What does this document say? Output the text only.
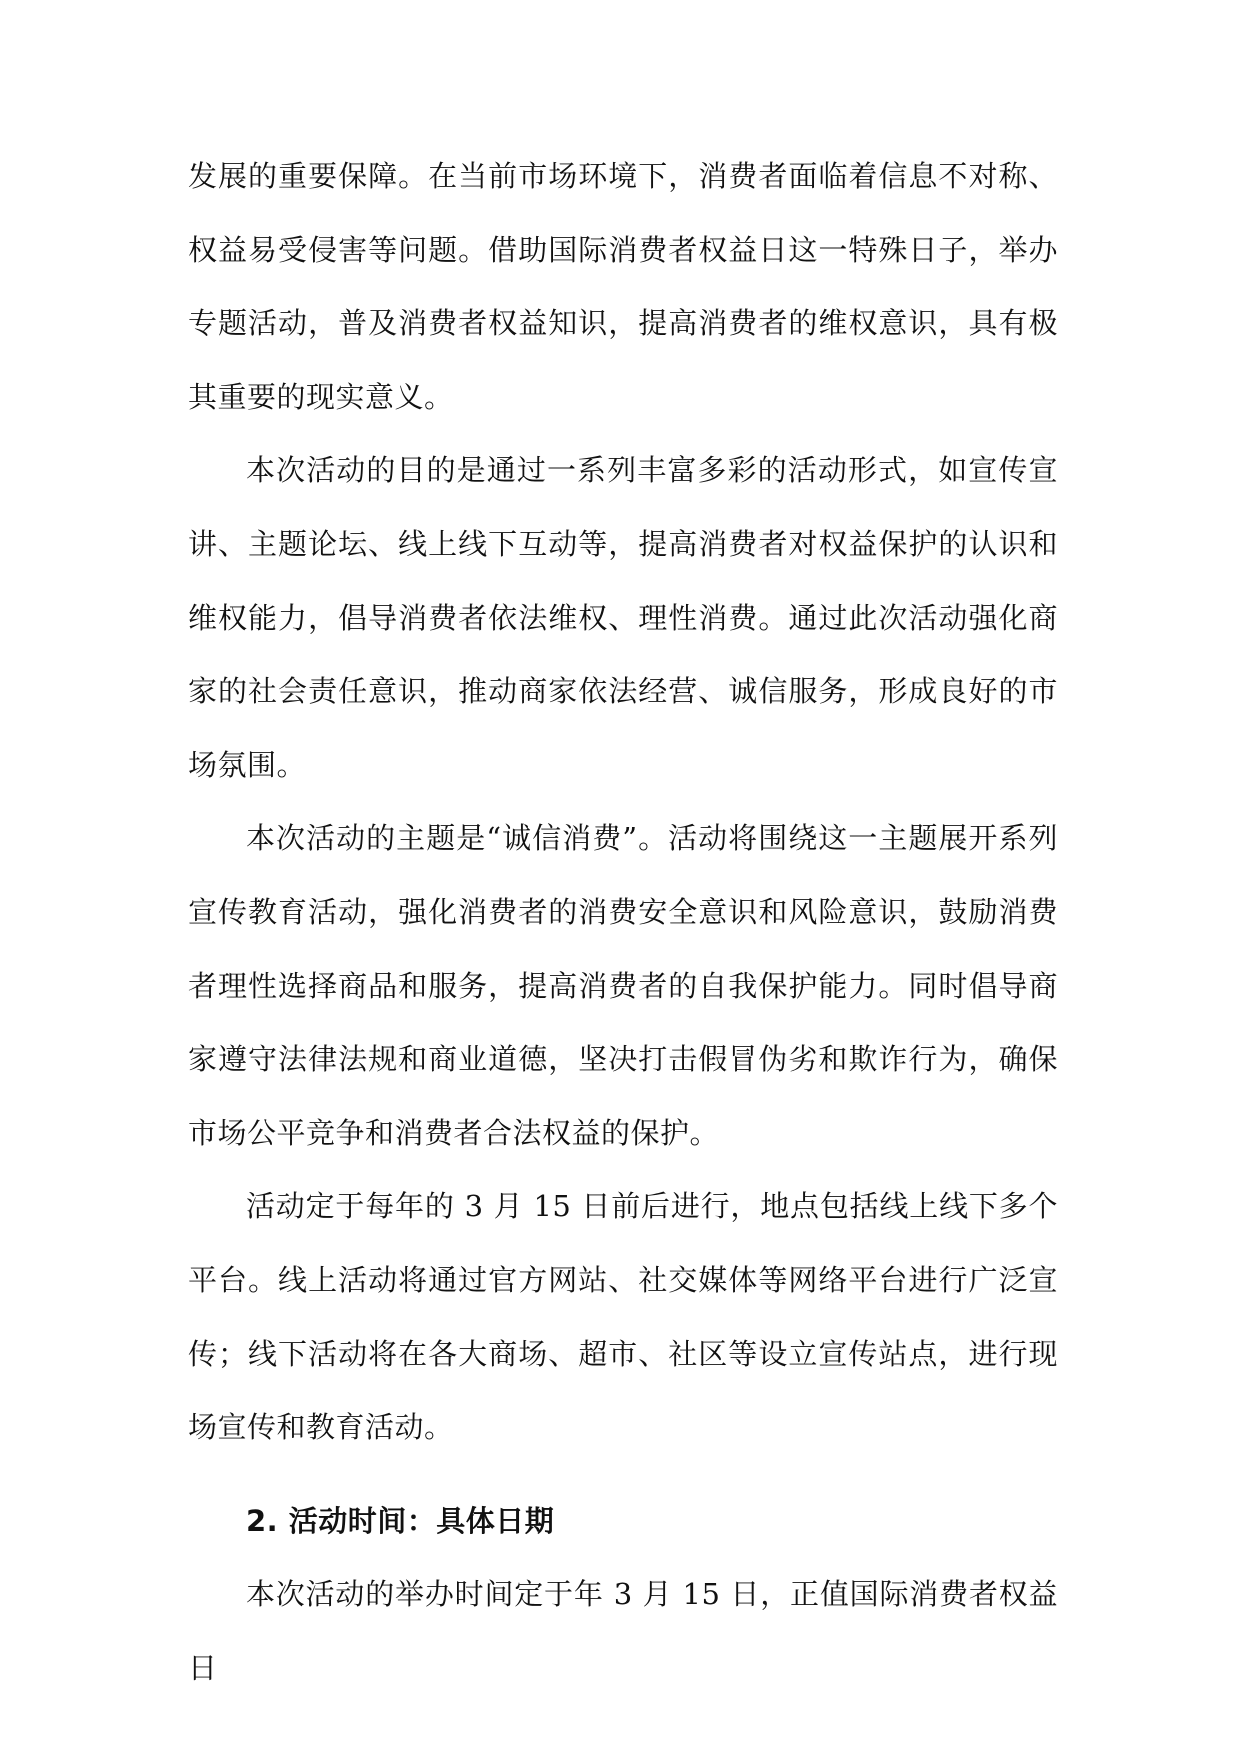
发展的重要保障。在当前市场环境下，消费者面临着信息不对称、权益易受侵害等问题。借助国际消费者权益日这一特殊日子，举办专题活动，普及消费者权益知识，提高消费者的维权意识，具有极其重要的现实意义。

本次活动的目的是通过一系列丰富多彩的活动形式，如宣传宣讲、主题论坛、线上线下互动等，提高消费者对权益保护的认识和维权能力，倡导消费者依法维权、理性消费。通过此次活动强化商家的社会责任意识，推动商家依法经营、诚信服务，形成良好的市场氛围。

本次活动的主题是“诚信消费”。活动将围绕这一主题展开系列宣传教育活动，强化消费者的消费安全意识和风险意识，鼓励消费者理性选择商品和服务，提高消费者的自我保护能力。同时倡导商家遵守法律法规和商业道德，坚决打击假冒伪劣和欺诈行为，确保市场公平竞争和消费者合法权益的保护。

活动定于每年的 3 月 15 日前后进行，地点包括线上线下多个平台。线上活动将通过官方网站、社交媒体等网络平台进行广泛宣传；线下活动将在各大商场、超市、社区等设立宣传站点，进行现场宣传和教育活动。

2. 活动时间：具体日期

本次活动的举办时间定于年 3 月 15 日，正值国际消费者权益日
